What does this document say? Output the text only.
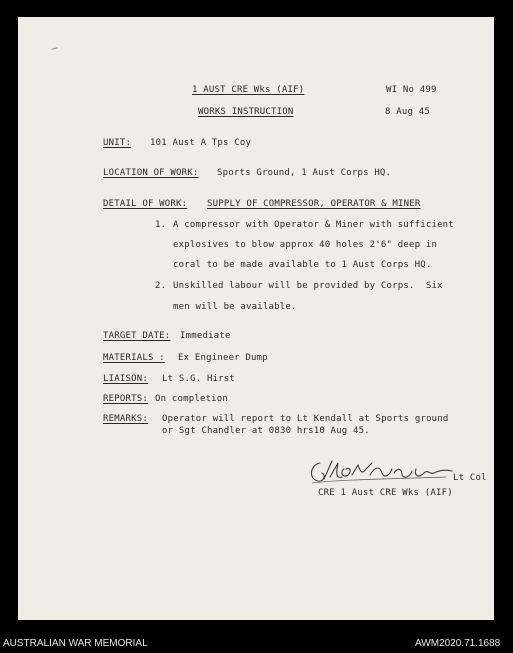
1 AUST CRE Wks (AIF)	WI No 499
WORKS INSTRUCTION	8 Aug 45
UNIT: 101 Aust A Tps Coy
LOCATION OF WORK: Sports Ground, 1 Aust Corps HQ.
DETAIL OF WORK: SUPPLY OF COMPRESSOR, OPERATOR & MINER
1. A compressor with Operator & Miner with sufficient
explosives to blow approx 40 holes 2'6" deep in
coral to be made available to 1 Aust Corps HQ.
2. Unskilled labour will be provided by Corps.  Six
men will be available.
TARGET DATE: Immediate
MATERIALS : Ex Engineer Dump
LIAISON: Lt S.G. Hirst
REPORTS: On completion
REMARKS: Operator will report to Lt Kendall at Sports ground
or Sgt Chandler at 0830 hrs10 Aug 45.
Lt Col
CRE 1 Aust CRE Wks (AIF)
AUSTRALIAN WAR MEMORIAL	AWM2020.71.1688
